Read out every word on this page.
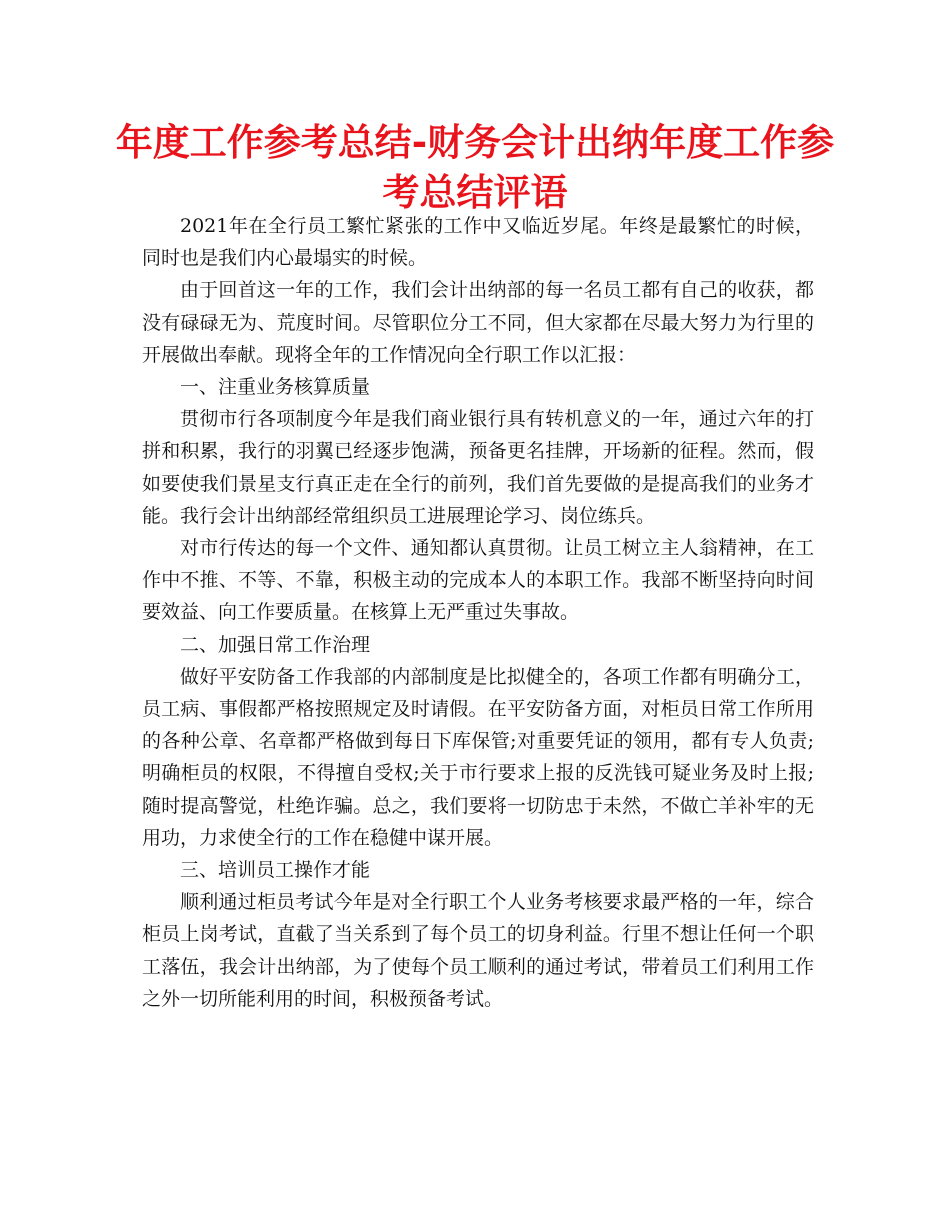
年度工作参考总结-财务会计出纳年度工作参考总结评语

2021年在全行员工繁忙紧张的工作中又临近岁尾。年终是最繁忙的时候，同时也是我们内心最塌实的时候。

由于回首这一年的工作，我们会计出纳部的每一名员工都有自己的收获，都没有碌碌无为、荒度时间。尽管职位分工不同，但大家都在尽最大努力为行里的开展做出奉献。现将全年的工作情况向全行职工作以汇报：

一、注重业务核算质量

贯彻市行各项制度今年是我们商业银行具有转机意义的一年，通过六年的打拼和积累，我行的羽翼已经逐步饱满，预备更名挂牌，开场新的征程。然而，假如要使我们景星支行真正走在全行的前列，我们首先要做的是提高我们的业务才能。我行会计出纳部经常组织员工进展理论学习、岗位练兵。

对市行传达的每一个文件、通知都认真贯彻。让员工树立主人翁精神，在工作中不推、不等、不靠，积极主动的完成本人的本职工作。我部不断坚持向时间要效益、向工作要质量。在核算上无严重过失事故。

二、加强日常工作治理

做好平安防备工作我部的内部制度是比拟健全的，各项工作都有明确分工，员工病、事假都严格按照规定及时请假。在平安防备方面，对柜员日常工作所用的各种公章、名章都严格做到每日下库保管;对重要凭证的领用，都有专人负责;明确柜员的权限，不得擅自受权;关于市行要求上报的反洗钱可疑业务及时上报;随时提高警觉，杜绝诈骗。总之，我们要将一切防忠于未然，不做亡羊补牢的无用功，力求使全行的工作在稳健中谋开展。

三、培训员工操作才能

顺利通过柜员考试今年是对全行职工个人业务考核要求最严格的一年，综合柜员上岗考试，直截了当关系到了每个员工的切身利益。行里不想让任何一个职工落伍，我会计出纳部，为了使每个员工顺利的通过考试，带着员工们利用工作之外一切所能利用的时间，积极预备考试。
